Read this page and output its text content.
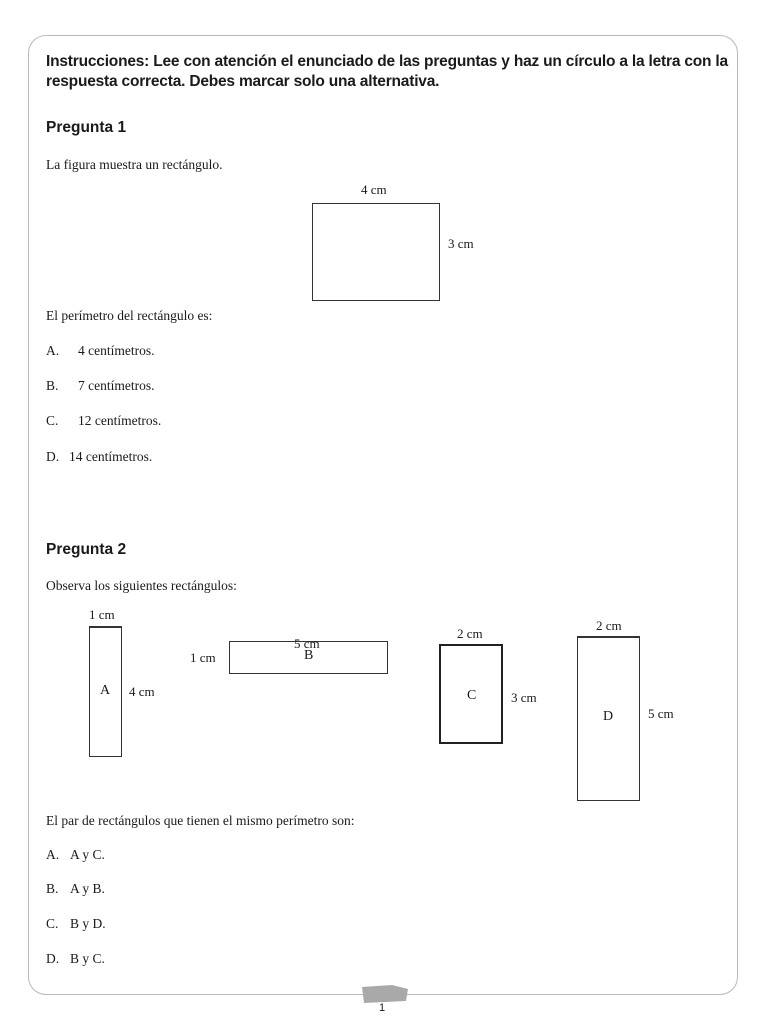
Instrucciones: Lee con atención el enunciado de las preguntas y haz un círculo a la letra con la respuesta correcta. Debes marcar solo una alternativa.
Pregunta 1
La figura muestra un rectángulo.
4 cm
3 cm
El perímetro del rectángulo es:
A. 4 centímetros.
B. 7 centímetros.
C. 12 centímetros.
D. 14 centímetros.
Pregunta 2
Observa los siguientes rectángulos:
1 cm
A 4 cm
1 cm
5 cm
B
2 cm
C	3 cm
2 cm
D	5 cm
El par de rectángulos que tienen el mismo perímetro son:
A. A y C.
B. A y B.
C. B y D.
D. B y C.
1
